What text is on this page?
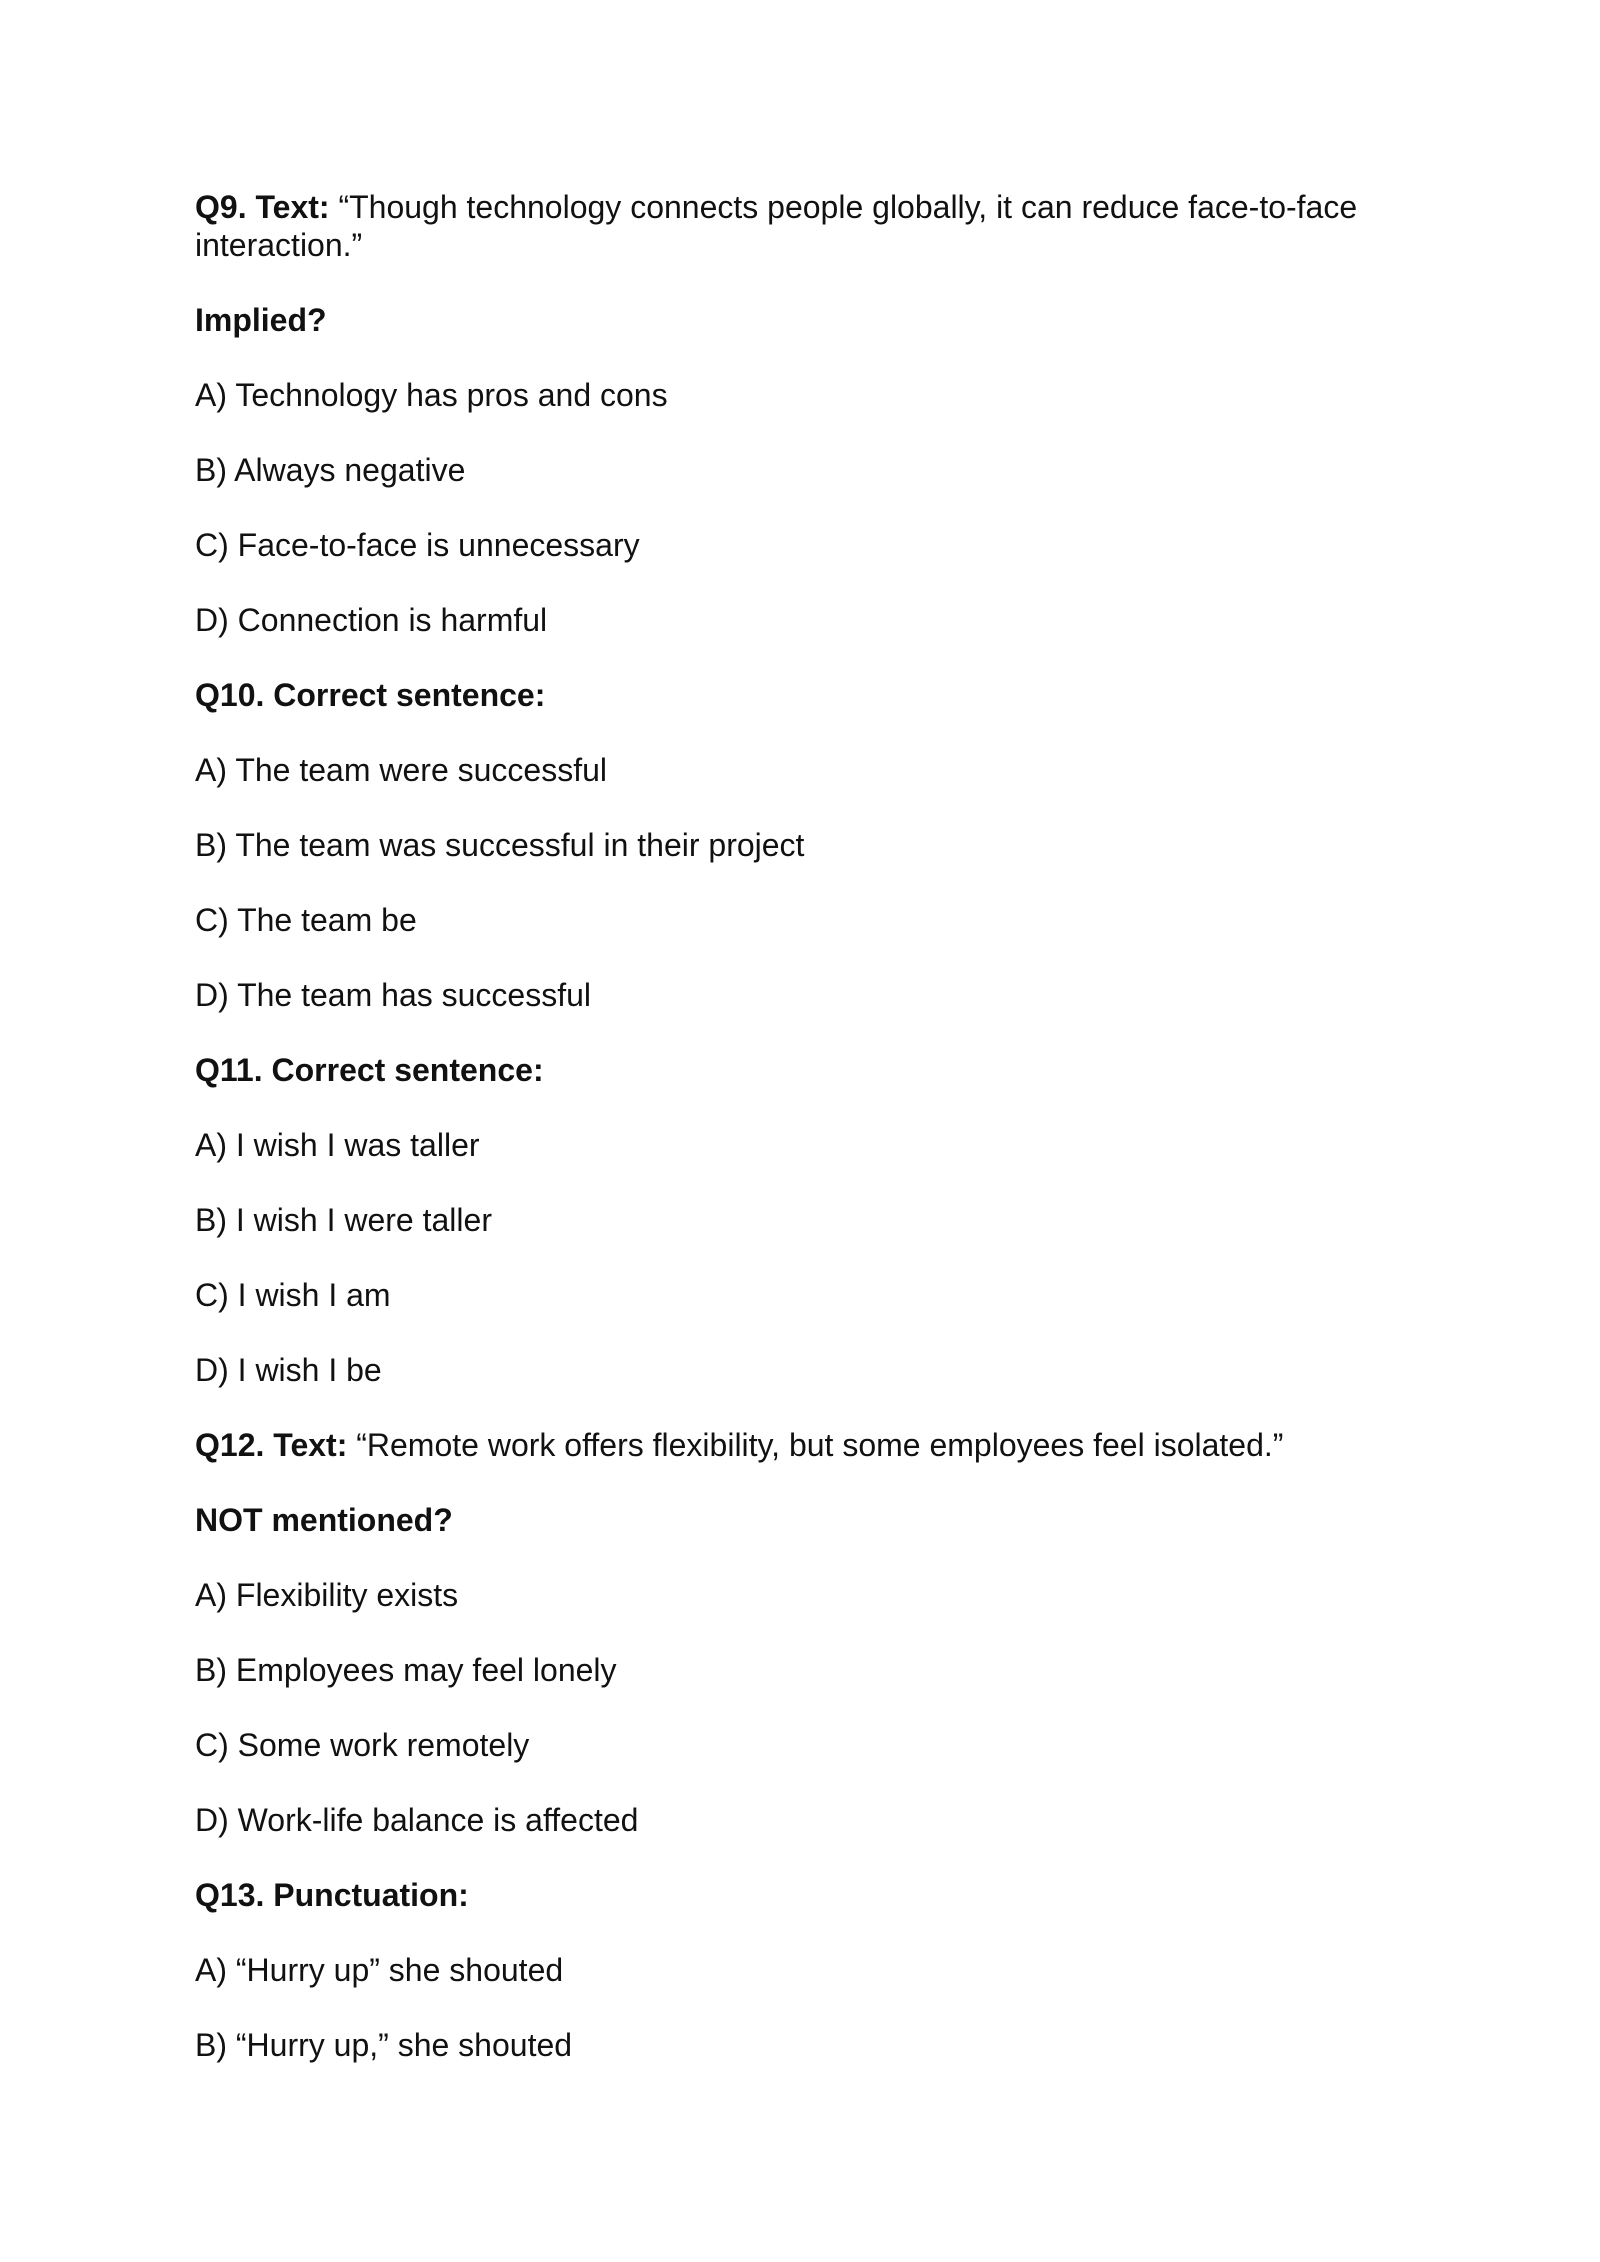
Q9. Text: “Though technology connects people globally, it can reduce face-to-face interaction.”

Implied?

A) Technology has pros and cons

B) Always negative

C) Face-to-face is unnecessary

D) Connection is harmful

Q10. Correct sentence:

A) The team were successful

B) The team was successful in their project

C) The team be

D) The team has successful

Q11. Correct sentence:

A) I wish I was taller

B) I wish I were taller

C) I wish I am

D) I wish I be

Q12. Text: “Remote work offers flexibility, but some employees feel isolated.”

NOT mentioned?

A) Flexibility exists

B) Employees may feel lonely

C) Some work remotely

D) Work-life balance is affected

Q13. Punctuation:

A) “Hurry up” she shouted

B) “Hurry up,” she shouted
